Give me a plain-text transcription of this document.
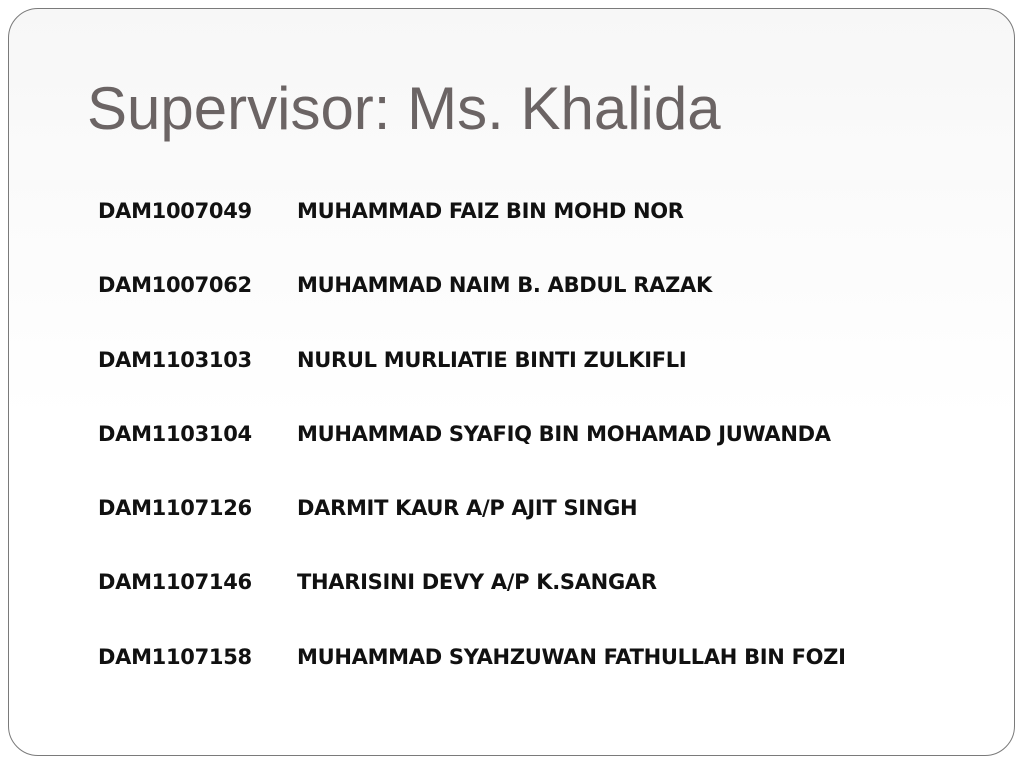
Supervisor: Ms. Khalida
DAM1007049	MUHAMMAD FAIZ BIN MOHD NOR
DAM1007062	MUHAMMAD NAIM B. ABDUL RAZAK
DAM1103103	NURUL MURLIATIE BINTI ZULKIFLI
DAM1103104	MUHAMMAD SYAFIQ BIN MOHAMAD JUWANDA
DAM1107126	DARMIT KAUR A/P AJIT SINGH
DAM1107146	THARISINI DEVY A/P K.SANGAR
DAM1107158	MUHAMMAD SYAHZUWAN FATHULLAH BIN FOZI
